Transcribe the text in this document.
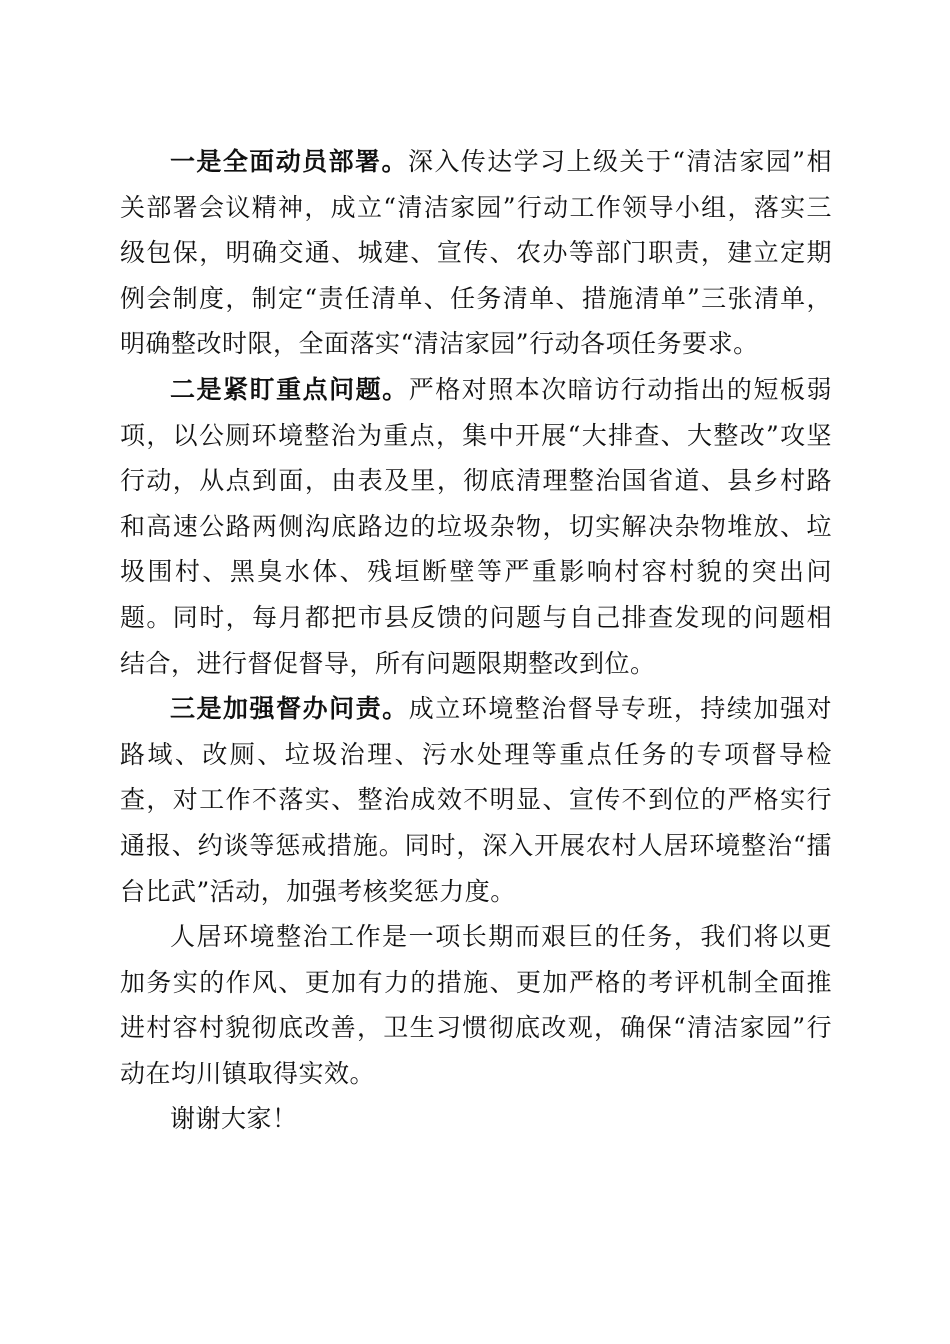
一是全面动员部署。深入传达学习上级关于“清洁家园”相关部署会议精神，成立“清洁家园”行动工作领导小组，落实三级包保，明确交通、城建、宣传、农办等部门职责，建立定期例会制度，制定“责任清单、任务清单、措施清单”三张清单，明确整改时限，全面落实“清洁家园”行动各项任务要求。

二是紧盯重点问题。严格对照本次暗访行动指出的短板弱项，以公厕环境整治为重点，集中开展“大排查、大整改”攻坚行动，从点到面，由表及里，彻底清理整治国省道、县乡村路和高速公路两侧沟底路边的垃圾杂物，切实解决杂物堆放、垃圾围村、黑臭水体、残垣断壁等严重影响村容村貌的突出问题。同时，每月都把市县反馈的问题与自己排查发现的问题相结合，进行督促督导，所有问题限期整改到位。

三是加强督办问责。成立环境整治督导专班，持续加强对路域、改厕、垃圾治理、污水处理等重点任务的专项督导检查，对工作不落实、整治成效不明显、宣传不到位的严格实行通报、约谈等惩戒措施。同时，深入开展农村人居环境整治“擂台比武”活动，加强考核奖惩力度。

人居环境整治工作是一项长期而艰巨的任务，我们将以更加务实的作风、更加有力的措施、更加严格的考评机制全面推进村容村貌彻底改善，卫生习惯彻底改观，确保“清洁家园”行动在均川镇取得实效。

谢谢大家！
